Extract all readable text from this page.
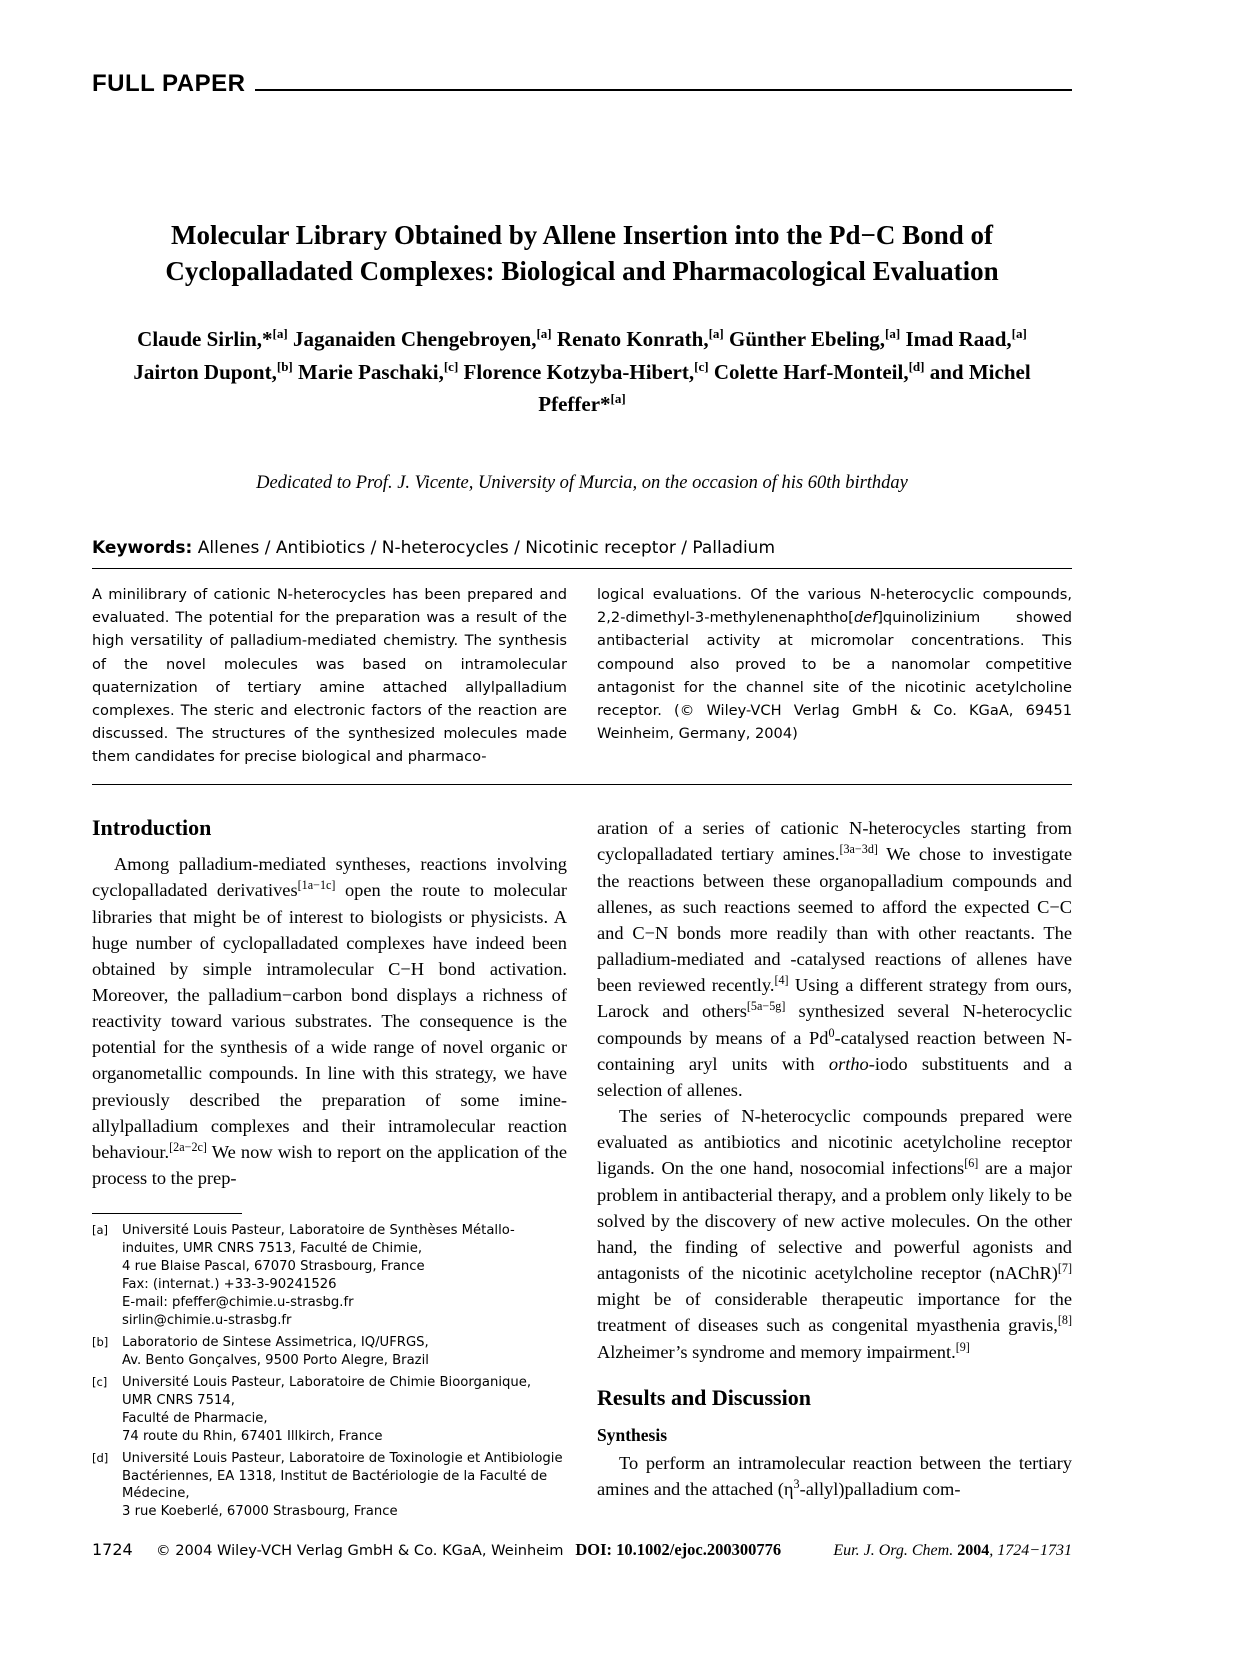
FULL PAPER
Molecular Library Obtained by Allene Insertion into the Pd−C Bond of Cyclopalladated Complexes: Biological and Pharmacological Evaluation
Claude Sirlin,*[a] Jaganaiden Chengebroyen,[a] Renato Konrath,[a] Günther Ebeling,[a] Imad Raad,[a] Jairton Dupont,[b] Marie Paschaki,[c] Florence Kotzyba-Hibert,[c] Colette Harf-Monteil,[d] and Michel Pfeffer*[a]
Dedicated to Prof. J. Vicente, University of Murcia, on the occasion of his 60th birthday
Keywords: Allenes / Antibiotics / N-heterocycles / Nicotinic receptor / Palladium
A minilibrary of cationic N-heterocycles has been prepared and evaluated. The potential for the preparation was a result of the high versatility of palladium-mediated chemistry. The synthesis of the novel molecules was based on intramolecular quaternization of tertiary amine attached allylpalladium complexes. The steric and electronic factors of the reaction are discussed. The structures of the synthesized molecules made them candidates for precise biological and pharmaco-
logical evaluations. Of the various N-heterocyclic compounds, 2,2-dimethyl-3-methylenenaphtho[def]quinolizinium showed antibacterial activity at micromolar concentrations. This compound also proved to be a nanomolar competitive antagonist for the channel site of the nicotinic acetylcholine receptor. (© Wiley-VCH Verlag GmbH & Co. KGaA, 69451 Weinheim, Germany, 2004)
Introduction

Among palladium-mediated syntheses, reactions involving cyclopalladated derivatives[1a−1c] open the route to molecular libraries that might be of interest to biologists or physicists. A huge number of cyclopalladated complexes have indeed been obtained by simple intramolecular C−H bond activation. Moreover, the palladium−carbon bond displays a richness of reactivity toward various substrates. The consequence is the potential for the synthesis of a wide range of novel organic or organometallic compounds. In line with this strategy, we have previously described the preparation of some imine-allylpalladium complexes and their intramolecular reaction behaviour.[2a−2c] We now wish to report on the application of the process to the prep-

[a]	Université Louis Pasteur, Laboratoire de Synthèses Métallo-induites, UMR CNRS 7513, Faculté de Chimie,
4 rue Blaise Pascal, 67070 Strasbourg, France
Fax: (internat.) +33-3-90241526
E-mail: pfeffer@chimie.u-strasbg.fr
sirlin@chimie.u-strasbg.fr
[b]	Laboratorio de Sintese Assimetrica, IQ/UFRGS,
Av. Bento Gonçalves, 9500 Porto Alegre, Brazil
[c]	Université Louis Pasteur, Laboratoire de Chimie Bioorganique,
UMR CNRS 7514,
Faculté de Pharmacie,
74 route du Rhin, 67401 Illkirch, France
[d]	Université Louis Pasteur, Laboratoire de Toxinologie et Antibiologie Bactériennes, EA 1318, Institut de Bactériologie de la Faculté de Médecine,
3 rue Koeberlé, 67000 Strasbourg, France

aration of a series of cationic N-heterocycles starting from cyclopalladated tertiary amines.[3a−3d] We chose to investigate the reactions between these organopalladium compounds and allenes, as such reactions seemed to afford the expected C−C and C−N bonds more readily than with other reactants. The palladium-mediated and -catalysed reactions of allenes have been reviewed recently.[4] Using a different strategy from ours, Larock and others[5a−5g] synthesized several N-heterocyclic compounds by means of a Pd$^0$-catalysed reaction between N-containing aryl units with ortho-iodo substituents and a selection of allenes.

The series of N-heterocyclic compounds prepared were evaluated as antibiotics and nicotinic acetylcholine receptor ligands. On the one hand, nosocomial infections[6] are a major problem in antibacterial therapy, and a problem only likely to be solved by the discovery of new active molecules. On the other hand, the finding of selective and powerful agonists and antagonists of the nicotinic acetylcholine receptor (nAChR)[7] might be of considerable therapeutic importance for the treatment of diseases such as congenital myasthenia gravis,[8] Alzheimer’s syndrome and memory impairment.[9]

Results and Discussion
Synthesis

To perform an intramolecular reaction between the tertiary amines and the attached $(\eta^3-allyl)palladium$ com-

1724	© 2004 Wiley-VCH Verlag GmbH & Co. KGaA, Weinheim DOI: 10.1002/ejoc.200300776	Eur. J. Org. Chem. 2004, 1724−1731
